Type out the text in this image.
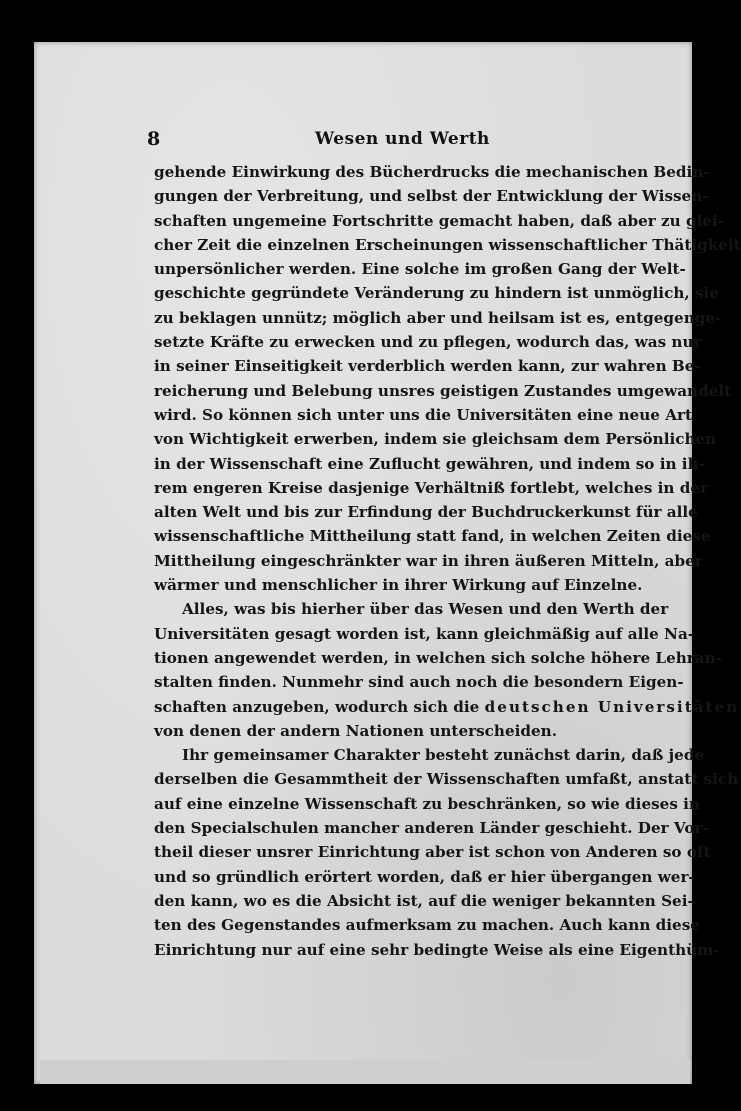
8	Wesen und Werth
gehende Einwirkung des Bücherdrucks die mechanischen Bedin-
gungen der Verbreitung, und selbst der Entwicklung der Wissen-
schaften ungemeine Fortschritte gemacht haben, daß aber zu glei-
cher Zeit die einzelnen Erscheinungen wissenschaftlicher Thätigkeit
unpersönlicher werden. Eine solche im großen Gang der Welt-
geschichte gegründete Veränderung zu hindern ist unmöglich, sie
zu beklagen unnütz; möglich aber und heilsam ist es, entgegenge-
setzte Kräfte zu erwecken und zu pflegen, wodurch das, was nur
in seiner Einseitigkeit verderblich werden kann, zur wahren Be-
reicherung und Belebung unsres geistigen Zustandes umgewandelt
wird. So können sich unter uns die Universitäten eine neue Art
von Wichtigkeit erwerben, indem sie gleichsam dem Persönlichen
in der Wissenschaft eine Zuflucht gewähren, und indem so in ih-
rem engeren Kreise dasjenige Verhältniß fortlebt, welches in der
alten Welt und bis zur Erfindung der Buchdruckerkunst für alle
wissenschaftliche Mittheilung statt fand, in welchen Zeiten diese
Mittheilung eingeschränkter war in ihren äußeren Mitteln, aber
wärmer und menschlicher in ihrer Wirkung auf Einzelne.
Alles, was bis hierher über das Wesen und den Werth der
Universitäten gesagt worden ist, kann gleichmäßig auf alle Na-
tionen angewendet werden, in welchen sich solche höhere Lehran-
stalten finden. Nunmehr sind auch noch die besondern Eigen-
schaften anzugeben, wodurch sich die deutschen Universitäten
von denen der andern Nationen unterscheiden.
Ihr gemeinsamer Charakter besteht zunächst darin, daß jede
derselben die Gesammtheit der Wissenschaften umfaßt, anstatt sich
auf eine einzelne Wissenschaft zu beschränken, so wie dieses in
den Specialschulen mancher anderen Länder geschieht. Der Vor-
theil dieser unsrer Einrichtung aber ist schon von Anderen so oft
und so gründlich erörtert worden, daß er hier übergangen wer-
den kann, wo es die Absicht ist, auf die weniger bekannten Sei-
ten des Gegenstandes aufmerksam zu machen. Auch kann diese
Einrichtung nur auf eine sehr bedingte Weise als eine Eigenthüm-
